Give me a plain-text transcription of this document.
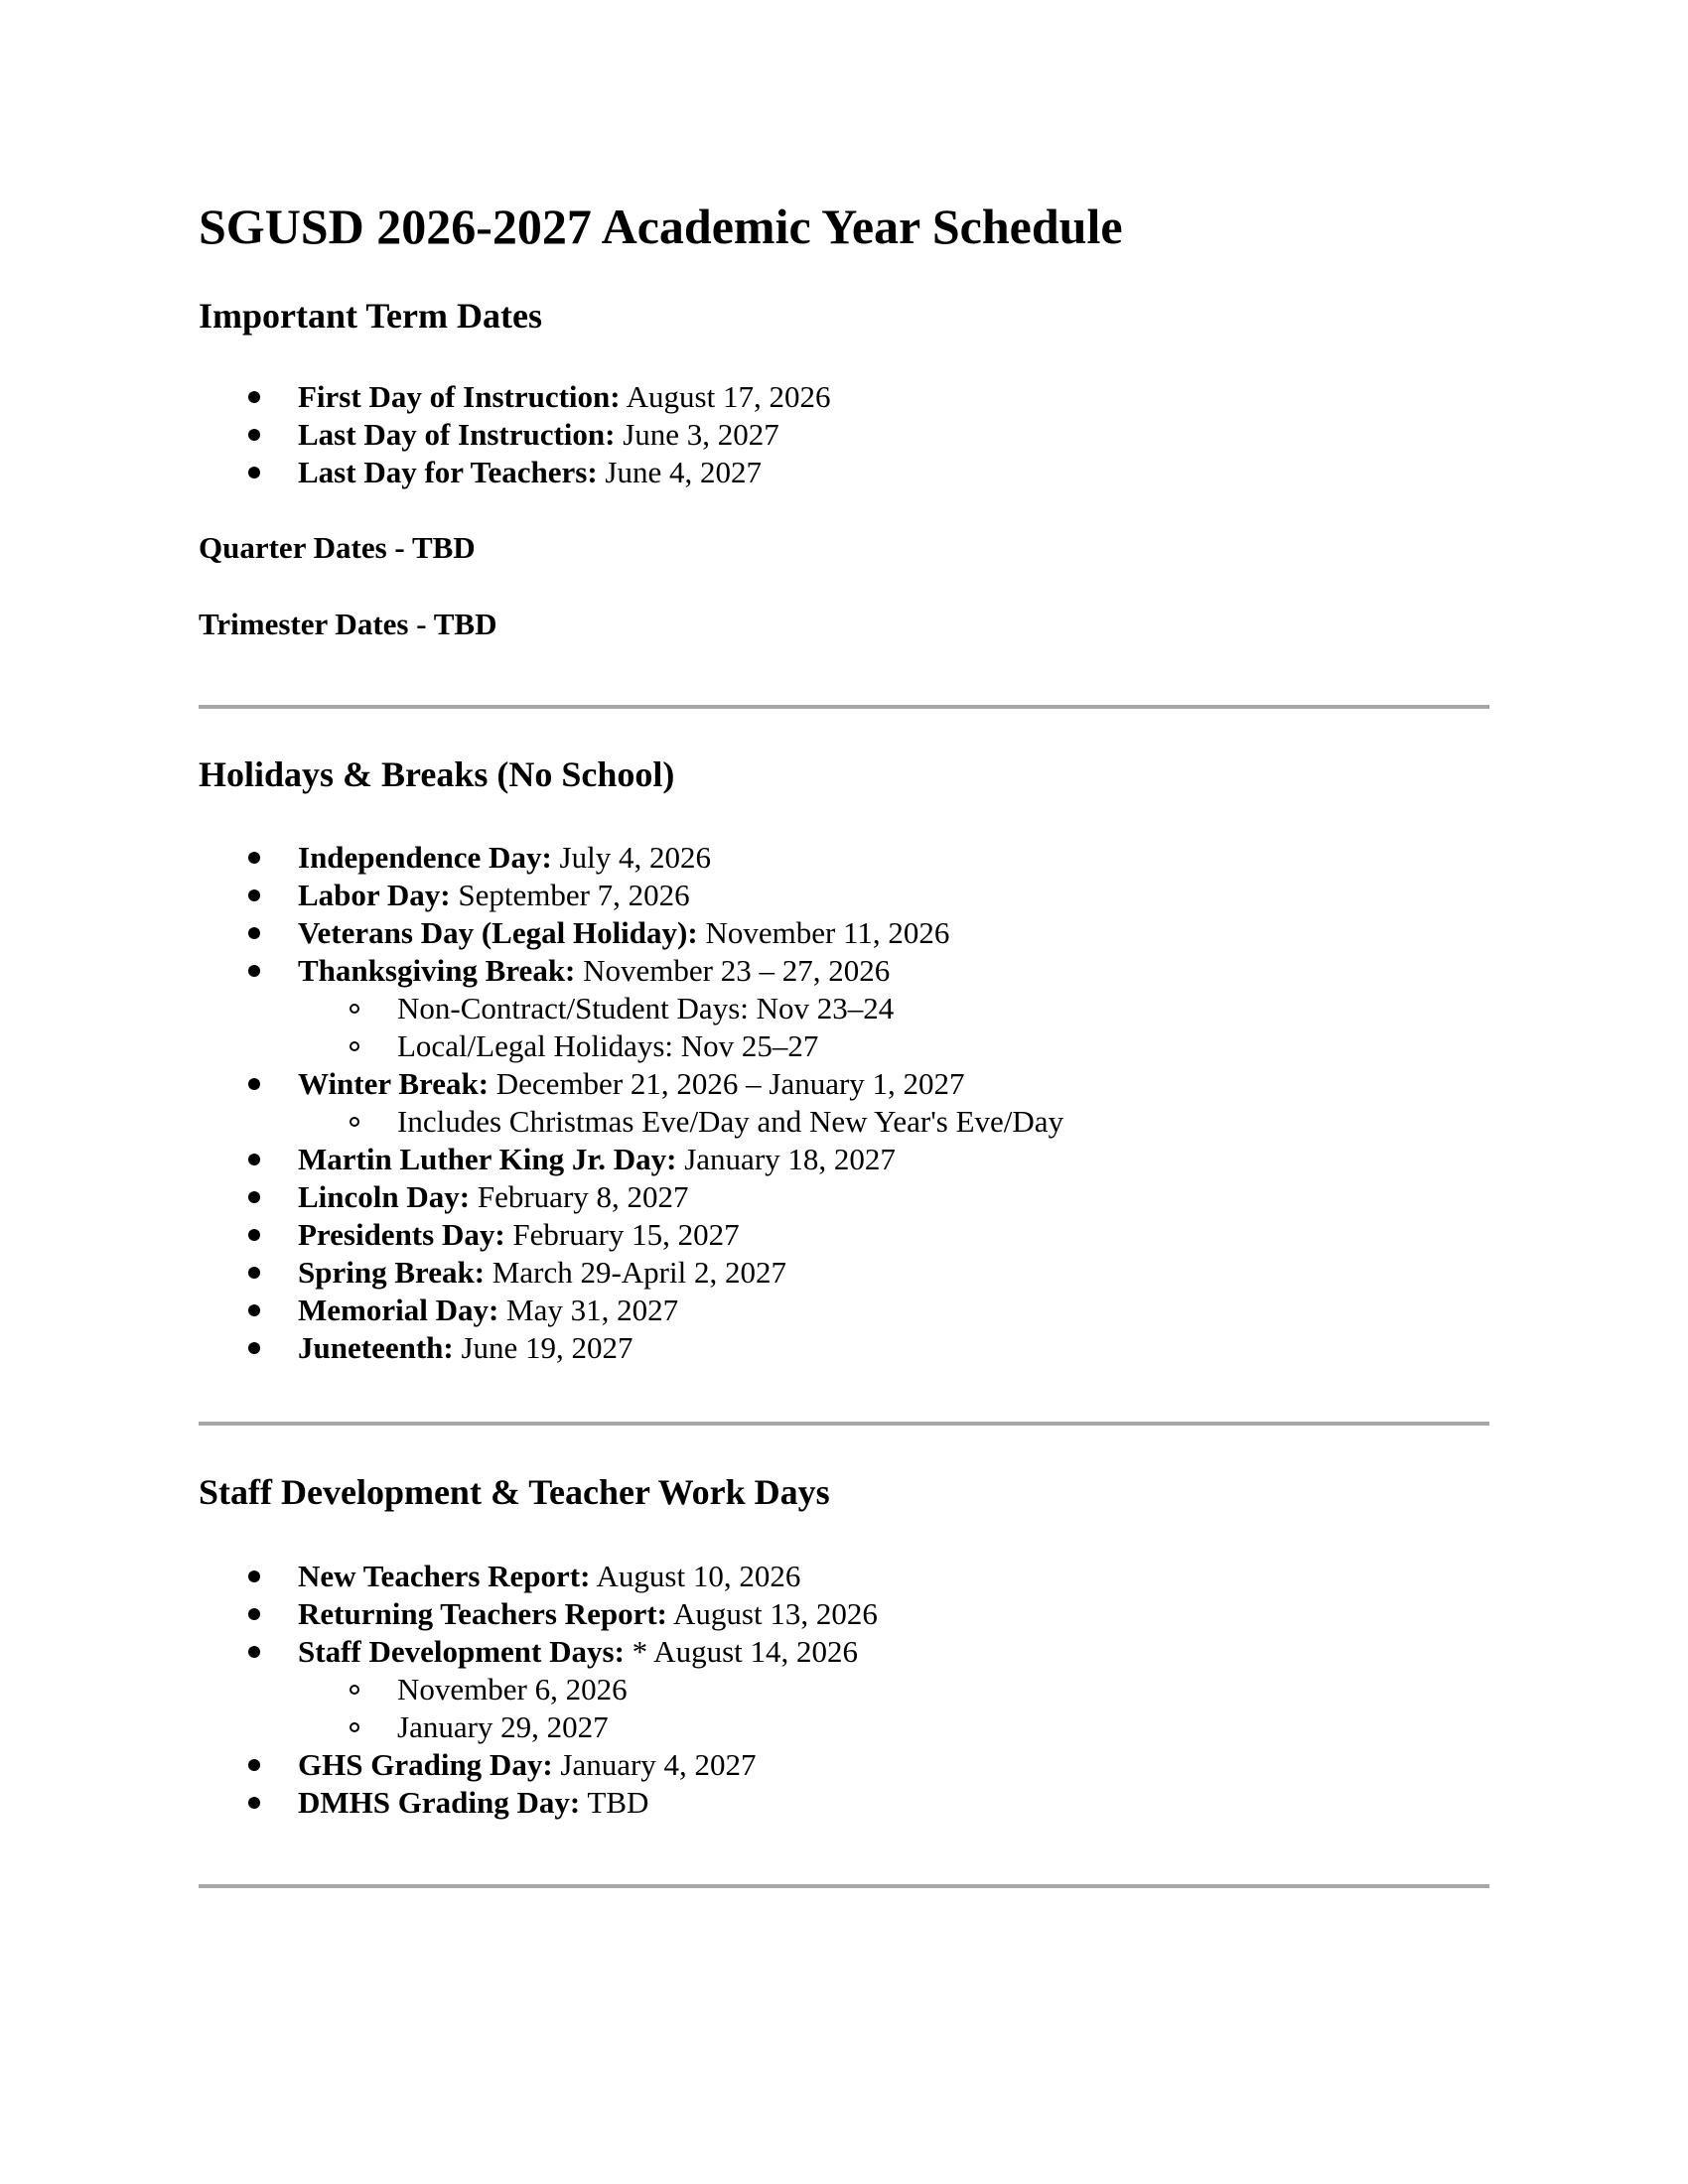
SGUSD 2026-2027 Academic Year Schedule
Important Term Dates
First Day of Instruction: August 17, 2026
Last Day of Instruction: June 3, 2027
Last Day for Teachers: June 4, 2027
Quarter Dates - TBD
Trimester Dates - TBD
Holidays & Breaks (No School)
Independence Day: July 4, 2026
Labor Day: September 7, 2026
Veterans Day (Legal Holiday): November 11, 2026
Thanksgiving Break: November 23 – 27, 2026
Non-Contract/Student Days: Nov 23–24
Local/Legal Holidays: Nov 25–27
Winter Break: December 21, 2026 – January 1, 2027
Includes Christmas Eve/Day and New Year's Eve/Day
Martin Luther King Jr. Day: January 18, 2027
Lincoln Day: February 8, 2027
Presidents Day: February 15, 2027
Spring Break: March 29-April 2, 2027
Memorial Day: May 31, 2027
Juneteenth: June 19, 2027
Staff Development & Teacher Work Days
New Teachers Report: August 10, 2026
Returning Teachers Report: August 13, 2026
Staff Development Days: * August 14, 2026
November 6, 2026
January 29, 2027
GHS Grading Day: January 4, 2027
DMHS Grading Day: TBD
